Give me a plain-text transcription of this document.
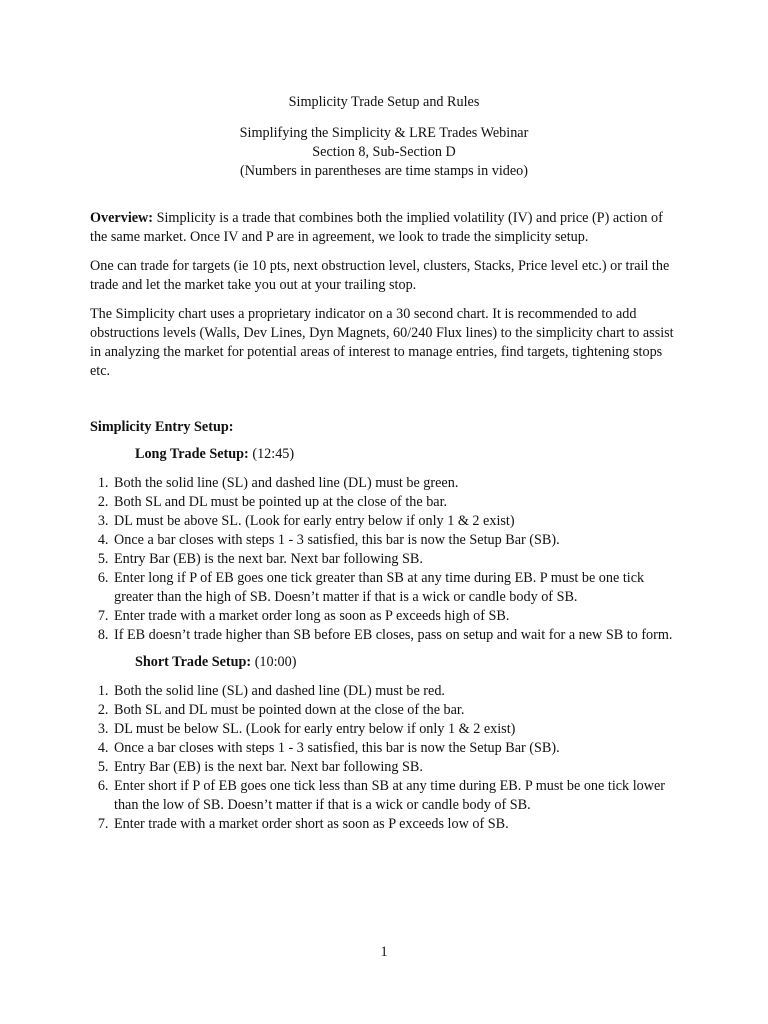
Simplicity Trade Setup and Rules
Simplifying the Simplicity & LRE Trades Webinar
Section 8, Sub-Section D
(Numbers in parentheses are time stamps in video)

Overview: Simplicity is a trade that combines both the implied volatility (IV) and price (P) action of the same market. Once IV and P are in agreement, we look to trade the simplicity setup.

One can trade for targets (ie 10 pts, next obstruction level, clusters, Stacks, Price level etc.) or trail the trade and let the market take you out at your trailing stop.

The Simplicity chart uses a proprietary indicator on a 30 second chart. It is recommended to add obstructions levels (Walls, Dev Lines, Dyn Magnets, 60/240 Flux lines) to the simplicity chart to assist in analyzing the market for potential areas of interest to manage entries, find targets, tightening stops etc.

Simplicity Entry Setup:
Long Trade Setup: (12:45)
1. Both the solid line (SL) and dashed line (DL) must be green.
2. Both SL and DL must be pointed up at the close of the bar.
3. DL must be above SL. (Look for early entry below if only 1 & 2 exist)
4. Once a bar closes with steps 1 - 3 satisfied, this bar is now the Setup Bar (SB).
5. Entry Bar (EB) is the next bar. Next bar following SB.
6. Enter long if P of EB goes one tick greater than SB at any time during EB. P must be one tick greater than the high of SB. Doesn’t matter if that is a wick or candle body of SB.
7. Enter trade with a market order long as soon as P exceeds high of SB.
8. If EB doesn’t trade higher than SB before EB closes, pass on setup and wait for a new SB to form.
Short Trade Setup: (10:00)
1. Both the solid line (SL) and dashed line (DL) must be red.
2. Both SL and DL must be pointed down at the close of the bar.
3. DL must be below SL. (Look for early entry below if only 1 & 2 exist)
4. Once a bar closes with steps 1 - 3 satisfied, this bar is now the Setup Bar (SB).
5. Entry Bar (EB) is the next bar. Next bar following SB.
6. Enter short if P of EB goes one tick less than SB at any time during EB. P must be one tick lower than the low of SB. Doesn’t matter if that is a wick or candle body of SB.
7. Enter trade with a market order short as soon as P exceeds low of SB.
1
